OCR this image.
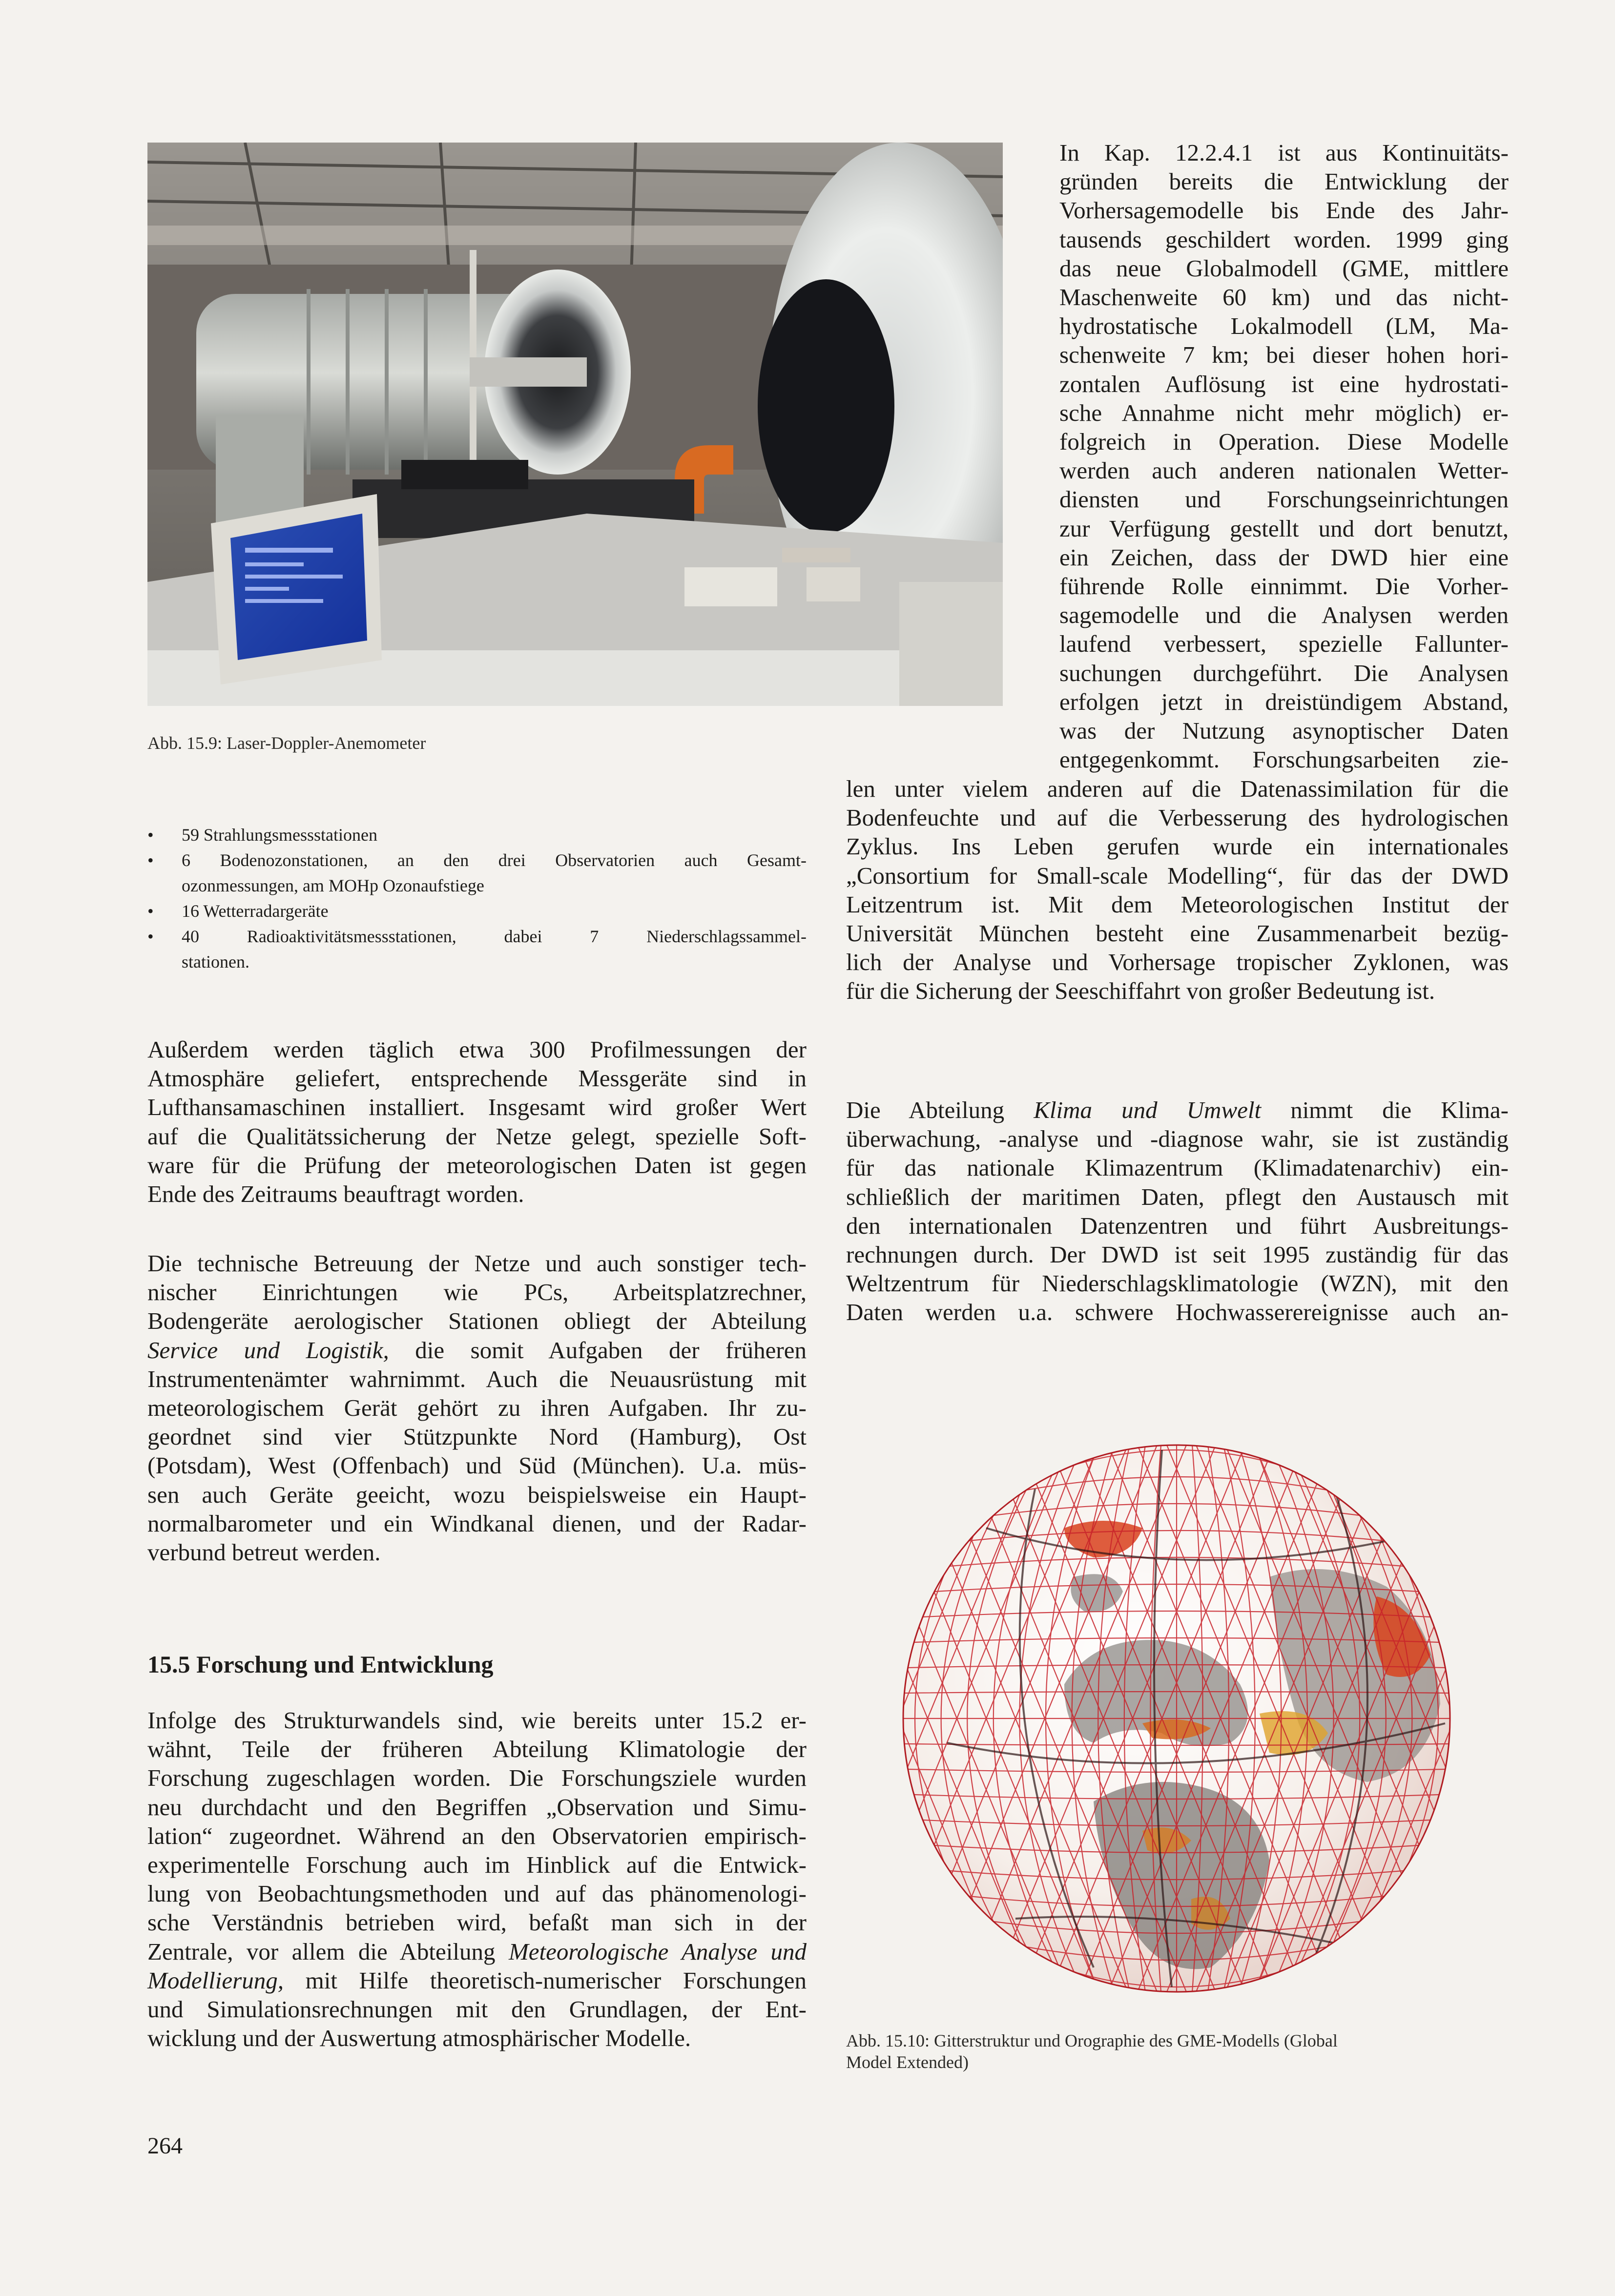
Abb. 15.9: Laser-Doppler-Anemometer
•	59 Strahlungsmessstationen
•	6 Bodenozonstationen, an den drei Observatorien auch Gesamt-
ozonmessungen, am MOHp Ozonaufstiege
•	16 Wetterradargeräte
•	40 Radioaktivitätsmessstationen, dabei 7 Niederschlagssammel-
stationen.
Außerdem werden täglich etwa 300 Profilmessungen der
Atmosphäre geliefert, entsprechende Messgeräte sind in
Lufthansamaschinen installiert. Insgesamt wird großer Wert
auf die Qualitätssicherung der Netze gelegt, spezielle Soft-
ware für die Prüfung der meteorologischen Daten ist gegen
Ende des Zeitraums beauftragt worden.
Die technische Betreuung der Netze und auch sonstiger tech-
nischer Einrichtungen wie PCs, Arbeitsplatzrechner,
Bodengeräte aerologischer Stationen obliegt der Abteilung
Service und Logistik, die somit Aufgaben der früheren
Instrumentenämter wahrnimmt. Auch die Neuausrüstung mit
meteorologischem Gerät gehört zu ihren Aufgaben. Ihr zu-
geordnet sind vier Stützpunkte Nord (Hamburg), Ost
(Potsdam), West (Offenbach) und Süd (München). U.a. müs-
sen auch Geräte geeicht, wozu beispielsweise ein Haupt-
normalbarometer und ein Windkanal dienen, und der Radar-
verbund betreut werden.
15.5 Forschung und Entwicklung
Infolge des Strukturwandels sind, wie bereits unter 15.2 er-
wähnt, Teile der früheren Abteilung Klimatologie der
Forschung zugeschlagen worden. Die Forschungsziele wurden
neu durchdacht und den Begriffen „Observation und Simu-
lation“ zugeordnet. Während an den Observatorien empirisch-
experimentelle Forschung auch im Hinblick auf die Entwick-
lung von Beobachtungsmethoden und auf das phänomenologi-
sche Verständnis betrieben wird, befaßt man sich in der
Zentrale, vor allem die Abteilung Meteorologische Analyse und
Modellierung, mit Hilfe theoretisch-numerischer Forschungen
und Simulationsrechnungen mit den Grundlagen, der Ent-
wicklung und der Auswertung atmosphärischer Modelle.
264
In Kap. 12.2.4.1 ist aus Kontinuitäts-
gründen bereits die Entwicklung der
Vorhersagemodelle bis Ende des Jahr-
tausends geschildert worden. 1999 ging
das neue Globalmodell (GME, mittlere
Maschenweite 60 km) und das nicht-
hydrostatische Lokalmodell (LM, Ma-
schenweite 7 km; bei dieser hohen hori-
zontalen Auflösung ist eine hydrostati-
sche Annahme nicht mehr möglich) er-
folgreich in Operation. Diese Modelle
werden auch anderen nationalen Wetter-
diensten und Forschungseinrichtungen
zur Verfügung gestellt und dort benutzt,
ein Zeichen, dass der DWD hier eine
führende Rolle einnimmt. Die Vorher-
sagemodelle und die Analysen werden
laufend verbessert, spezielle Fallunter-
suchungen durchgeführt. Die Analysen
erfolgen jetzt in dreistündigem Abstand,
was der Nutzung asynoptischer Daten
entgegenkommt. Forschungsarbeiten zie-
len unter vielem anderen auf die Datenassimilation für die
Bodenfeuchte und auf die Verbesserung des hydrologischen
Zyklus. Ins Leben gerufen wurde ein internationales
„Consortium for Small-scale Modelling“, für das der DWD
Leitzentrum ist. Mit dem Meteorologischen Institut der
Universität München besteht eine Zusammenarbeit bezüg-
lich der Analyse und Vorhersage tropischer Zyklonen, was
für die Sicherung der Seeschiffahrt von großer Bedeutung ist.
Die Abteilung Klima und Umwelt nimmt die Klima-
überwachung, -analyse und -diagnose wahr, sie ist zuständig
für das nationale Klimazentrum (Klimadatenarchiv) ein-
schließlich der maritimen Daten, pflegt den Austausch mit
den internationalen Datenzentren und führt Ausbreitungs-
rechnungen durch. Der DWD ist seit 1995 zuständig für das
Weltzentrum für Niederschlagsklimatologie (WZN), mit den
Daten werden u.a. schwere Hochwasserereignisse auch an-
Abb. 15.10: Gitterstruktur und Orographie des GME-Modells (Global
Model Extended)
